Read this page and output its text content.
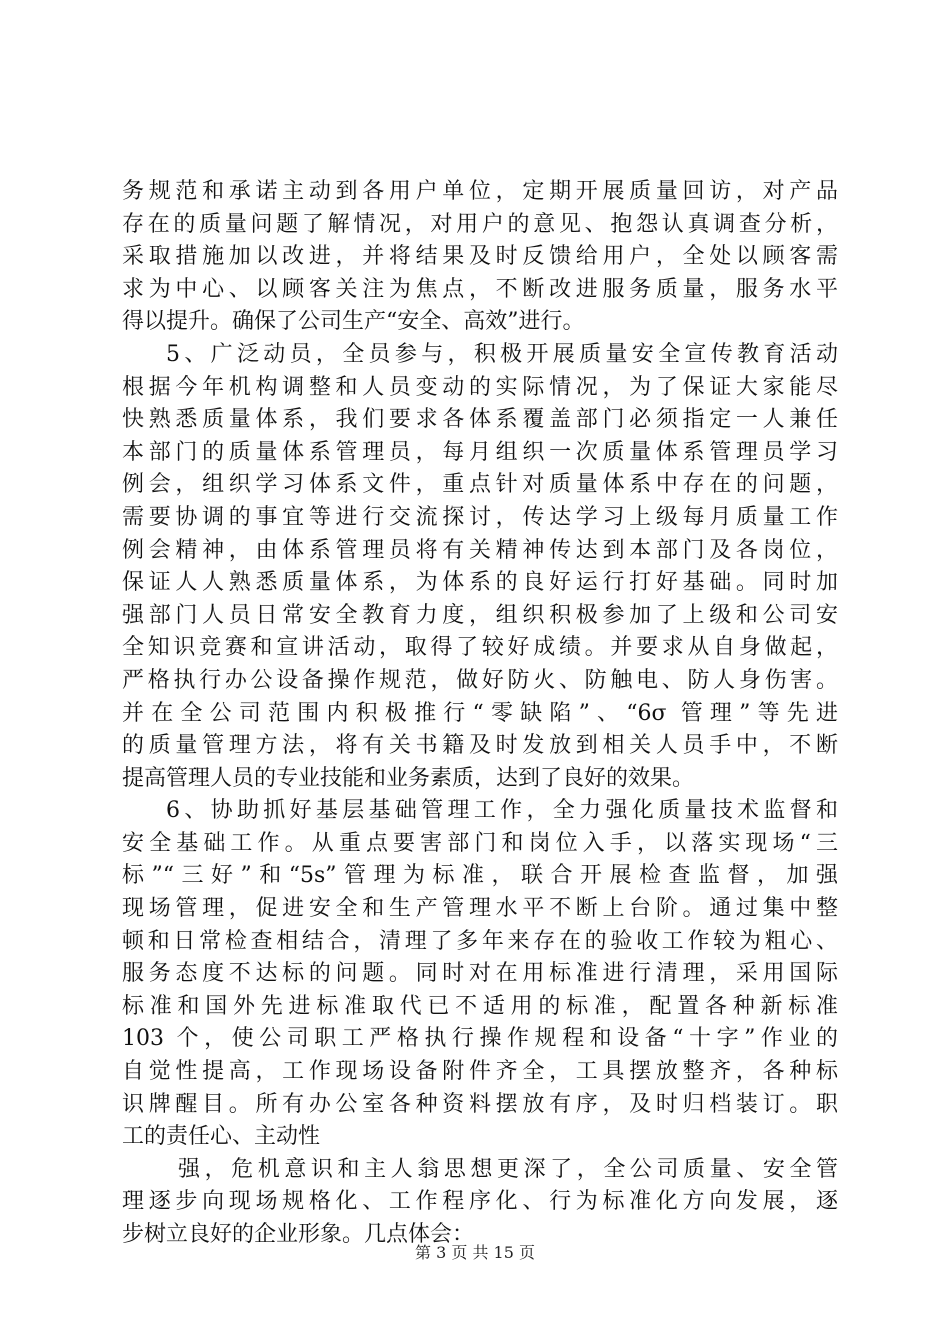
务规范和承诺主动到各用户单位，定期开展质量回访，对产品
存在的质量问题了解情况，对用户的意见、抱怨认真调查分析，
采取措施加以改进，并将结果及时反馈给用户，全处以顾客需
求为中心、以顾客关注为焦点，不断改进服务质量，服务水平
得以提升。确保了公司生产“安全、高效”进行。
5、广泛动员，全员参与，积极开展质量安全宣传教育活动
根据今年机构调整和人员变动的实际情况，为了保证大家能尽
快熟悉质量体系，我们要求各体系覆盖部门必须指定一人兼任
本部门的质量体系管理员，每月组织一次质量体系管理员学习
例会，组织学习体系文件，重点针对质量体系中存在的问题，
需要协调的事宜等进行交流探讨，传达学习上级每月质量工作
例会精神，由体系管理员将有关精神传达到本部门及各岗位，
保证人人熟悉质量体系，为体系的良好运行打好基础。同时加
强部门人员日常安全教育力度，组织积极参加了上级和公司安
全知识竞赛和宣讲活动，取得了较好成绩。并要求从自身做起，
严格执行办公设备操作规范，做好防火、防触电、防人身伤害。
并在全公司范围内积极推行“零缺陷”、“6σ 管理”等先进
的质量管理方法，将有关书籍及时发放到相关人员手中，不断
提高管理人员的专业技能和业务素质，达到了良好的效果。
6、协助抓好基层基础管理工作，全力强化质量技术监督和
安全基础工作。从重点要害部门和岗位入手，以落实现场“三
标”“三好”和“5s”管理为标准，联合开展检查监督，加强
现场管理，促进安全和生产管理水平不断上台阶。通过集中整
顿和日常检查相结合，清理了多年来存在的验收工作较为粗心、
服务态度不达标的问题。同时对在用标准进行清理，采用国际
标准和国外先进标准取代已不适用的标准，配置各种新标准
103 个，使公司职工严格执行操作规程和设备“十字”作业的
自觉性提高，工作现场设备附件齐全，工具摆放整齐，各种标
识牌醒目。所有办公室各种资料摆放有序，及时归档装订。职
工的责任心、主动性
强，危机意识和主人翁思想更深了，全公司质量、安全管
理逐步向现场规格化、工作程序化、行为标准化方向发展，逐
步树立良好的企业形象。几点体会：
第 3 页 共 15 页
